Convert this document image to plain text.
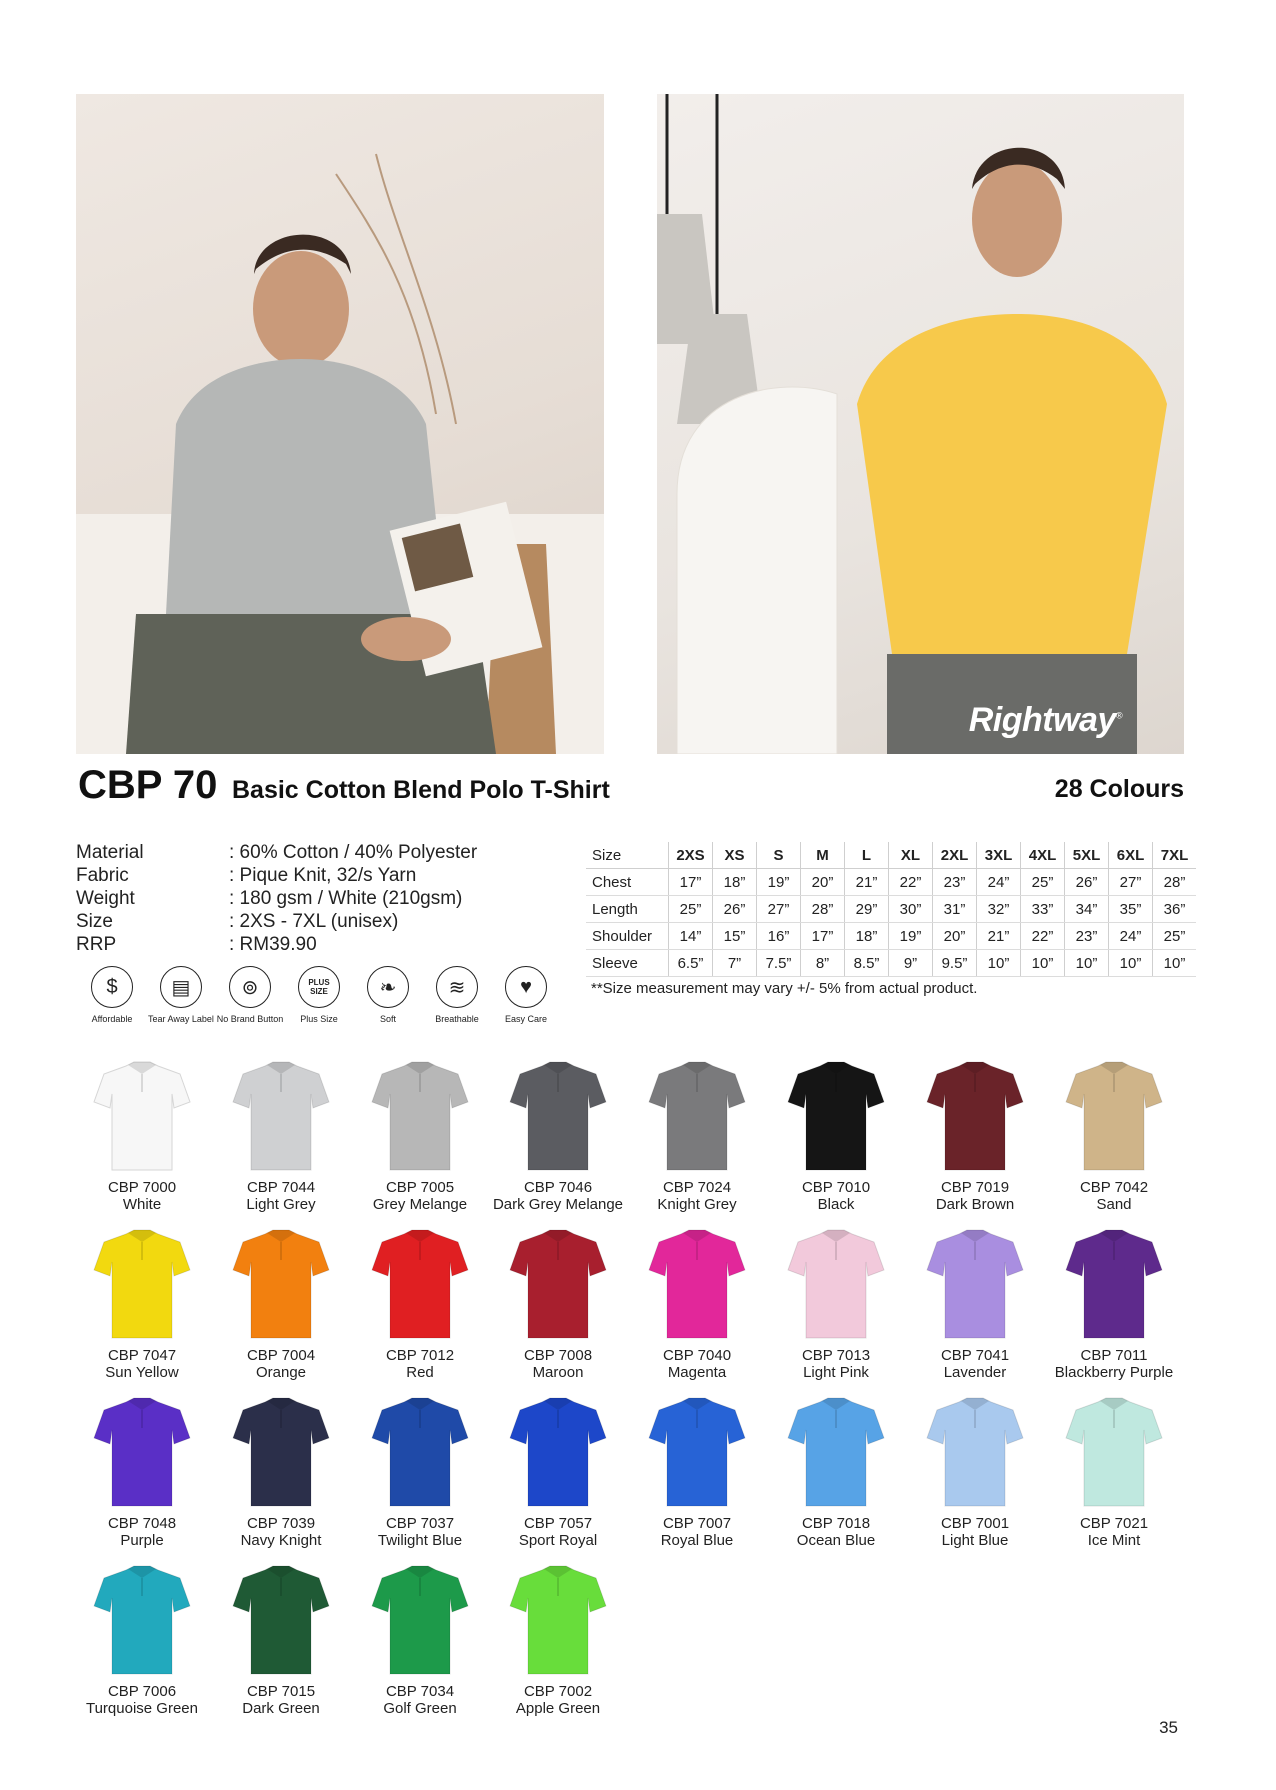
Rightway®
CBP 70 Basic Cotton Blend Polo T-Shirt	28 Colours
Material	: 60% Cotton / 40% Polyester
Fabric	: Pique Knit, 32/s Yarn
Weight	: 180 gsm / White (210gsm)
Size	: 2XS - 7XL (unisex)
RRP	: RM39.90
$
Affordable
▤
Tear Away Label
⊚
No Brand Button
PLUS SIZE
Plus Size
❧
Soft
≋
Breathable
♥
Easy Care
Size	2XS	XS	S	M	L	XL	2XL	3XL	4XL	5XL	6XL	7XL
Chest	17”	18”	19”	20”	21”	22”	23”	24”	25”	26”	27”	28”
Length	25”	26”	27”	28”	29”	30”	31”	32”	33”	34”	35”	36”
Shoulder	14”	15”	16”	17”	18”	19”	20”	21”	22”	23”	24”	25”
Sleeve	6.5”	7”	7.5”	8”	8.5”	9”	9.5”	10”	10”	10”	10”	10”
**Size measurement may vary +/- 5% from actual product.
CBP 7000
White
CBP 7044
Light Grey
CBP 7005
Grey Melange
CBP 7046
Dark Grey Melange
CBP 7024
Knight Grey
CBP 7010
Black
CBP 7019
Dark Brown
CBP 7042
Sand
CBP 7047
Sun Yellow
CBP 7004
Orange
CBP 7012
Red
CBP 7008
Maroon
CBP 7040
Magenta
CBP 7013
Light Pink
CBP 7041
Lavender
CBP 7011
Blackberry Purple
CBP 7048
Purple
CBP 7039
Navy Knight
CBP 7037
Twilight Blue
CBP 7057
Sport Royal
CBP 7007
Royal Blue
CBP 7018
Ocean Blue
CBP 7001
Light Blue
CBP 7021
Ice Mint
CBP 7006
Turquoise Green
CBP 7015
Dark Green
CBP 7034
Golf Green
CBP 7002
Apple Green
35
